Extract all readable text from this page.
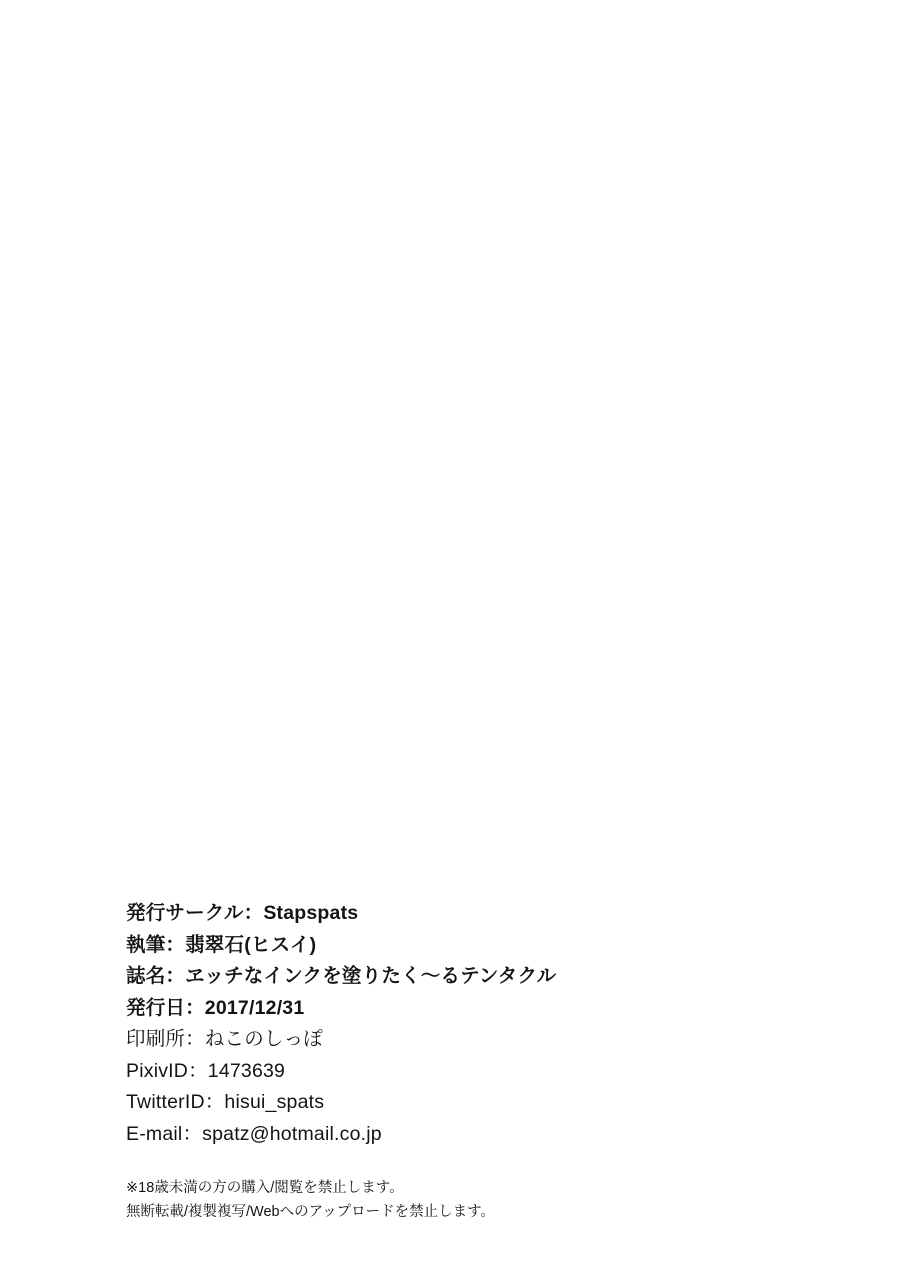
発行サークル：Stapspats
執筆：翡翠石(ヒスイ)
誌名：ヱッチなインクを塗りたく～るテンタクル
発行日：2017/12/31
印刷所：ねこのしっぽ
PixivID：1473639
TwitterID：hisui_spats
E-mail：spatz@hotmail.co.jp
※18歳未満の方の購入/閲覧を禁止します。
無断転載/複製複写/Webへのアップロードを禁止します。
